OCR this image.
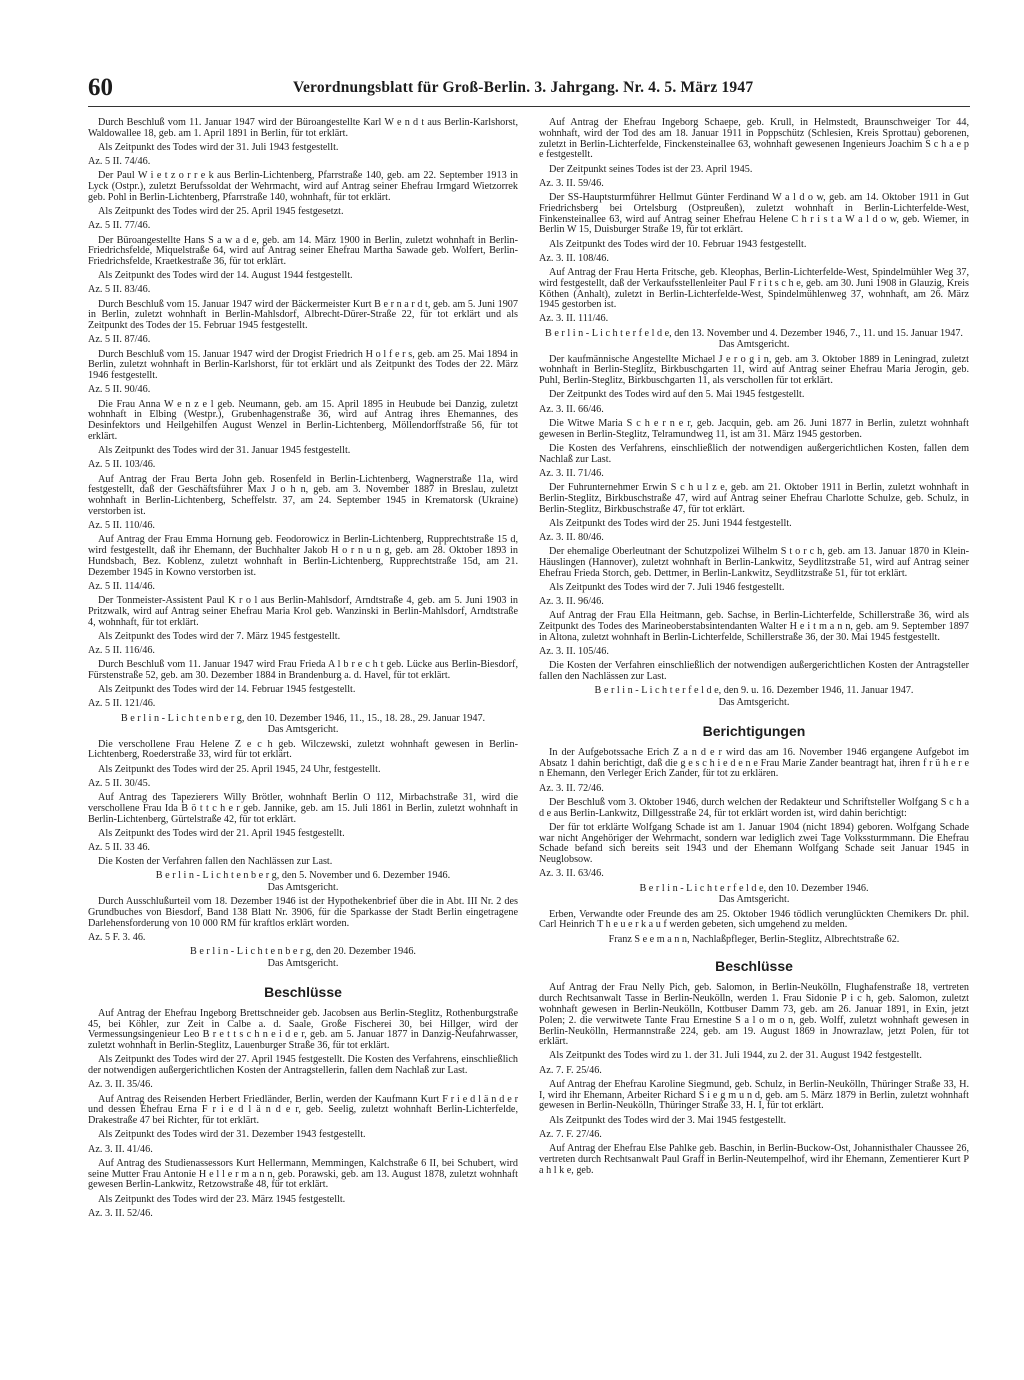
60	Verordnungsblatt für Groß-Berlin. 3. Jahrgang. Nr. 4. 5. März 1947

Durch Beschluß vom 11. Januar 1947 wird der Büroangestellte Karl W e n d t aus Berlin-Karlshorst, Waldowallee 18, geb. am 1. April 1891 in Berlin, für tot erklärt.

Als Zeitpunkt des Todes wird der 31. Juli 1943 festgestellt.

Az. 5 II. 74/46.

Der Paul W i e t z o r r e k aus Berlin-Lichtenberg, Pfarrstraße 140, geb. am 22. September 1913 in Lyck (Ostpr.), zuletzt Berufssoldat der Wehrmacht, wird auf Antrag seiner Ehefrau Irmgard Wietzorrek geb. Pohl in Berlin-Lichtenberg, Pfarrstraße 140, wohnhaft, für tot erklärt.

Als Zeitpunkt des Todes wird der 25. April 1945 festgesetzt.

Az. 5 II. 77/46.

Der Büroangestellte Hans S a w a d e, geb. am 14. März 1900 in Berlin, zuletzt wohnhaft in Berlin-Friedrichsfelde, Miquelstraße 64, wird auf Antrag seiner Ehefrau Martha Sawade geb. Wolfert, Berlin-Friedrichsfelde, Kraetkestraße 36, für tot erklärt.

Als Zeitpunkt des Todes wird der 14. August 1944 festgestellt.

Az. 5 II. 83/46.

Durch Beschluß vom 15. Januar 1947 wird der Bäckermeister Kurt B e r n a r d t, geb. am 5. Juni 1907 in Berlin, zuletzt wohnhaft in Berlin-Mahlsdorf, Albrecht-Dürer-Straße 22, für tot erklärt und als Zeitpunkt des Todes der 15. Februar 1945 festgestellt.

Az. 5 II. 87/46.

Durch Beschluß vom 15. Januar 1947 wird der Drogist Friedrich H o l f e r s, geb. am 25. Mai 1894 in Berlin, zuletzt wohnhaft in Berlin-Karlshorst, für tot erklärt und als Zeitpunkt des Todes der 22. März 1946 festgestellt.

Az. 5 II. 90/46.

Die Frau Anna W e n z e l geb. Neumann, geb. am 15. April 1895 in Heubude bei Danzig, zuletzt wohnhaft in Elbing (Westpr.), Grubenhagenstraße 36, wird auf Antrag ihres Ehemannes, des Desinfektors und Heilgehilfen August Wenzel in Berlin-Lichtenberg, Möllendorffstraße 56, für tot erklärt.

Als Zeitpunkt des Todes wird der 31. Januar 1945 festgestellt.

Az. 5 II. 103/46.

Auf Antrag der Frau Berta John geb. Rosenfeld in Berlin-Lichtenberg, Wagnerstraße 11a, wird festgestellt, daß der Geschäftsführer Max J o h n, geb. am 3. November 1887 in Breslau, zuletzt wohnhaft in Berlin-Lichtenberg, Scheffelstr. 37, am 24. September 1945 in Krematorsk (Ukraine) verstorben ist.

Az. 5 II. 110/46.

Auf Antrag der Frau Emma Hornung geb. Feodorowicz in Berlin-Lichtenberg, Rupprechtstraße 15 d, wird festgestellt, daß ihr Ehemann, der Buchhalter Jakob H o r n u n g, geb. am 28. Oktober 1893 in Hundsbach, Bez. Koblenz, zuletzt wohnhaft in Berlin-Lichtenberg, Rupprechtstraße 15d, am 21. Dezember 1945 in Kowno verstorben ist.

Az. 5 II. 114/46.

Der Tonmeister-Assistent Paul K r o l aus Berlin-Mahlsdorf, Arndtstraße 4, geb. am 5. Juni 1903 in Pritzwalk, wird auf Antrag seiner Ehefrau Maria Krol geb. Wanzinski in Berlin-Mahlsdorf, Arndtstraße 4, wohnhaft, für tot erklärt.

Als Zeitpunkt des Todes wird der 7. März 1945 festgestellt.

Az. 5 II. 116/46.

Durch Beschluß vom 11. Januar 1947 wird Frau Frieda A l b r e c h t geb. Lücke aus Berlin-Biesdorf, Fürstenstraße 52, geb. am 30. Dezember 1884 in Brandenburg a. d. Havel, für tot erklärt.

Als Zeitpunkt des Todes wird der 14. Februar 1945 festgestellt.

Az. 5 II. 121/46.

B e r l i n - L i c h t e n b e r g, den 10. Dezember 1946, 11., 15., 18. 28., 29. Januar 1947.

Das Amtsgericht.

Die verschollene Frau Helene Z e c h geb. Wilczewski, zuletzt wohnhaft gewesen in Berlin-Lichtenberg, Roederstraße 33, wird für tot erklärt.

Als Zeitpunkt des Todes wird der 25. April 1945, 24 Uhr, festgestellt.

Az. 5 II. 30/45.

Auf Antrag des Tapezierers Willy Brötler, wohnhaft Berlin O 112, Mirbachstraße 31, wird die verschollene Frau Ida B ö t t c h e r geb. Jannike, geb. am 15. Juli 1861 in Berlin, zuletzt wohnhaft in Berlin-Lichtenberg, Gürtelstraße 42, für tot erklärt.

Als Zeitpunkt des Todes wird der 21. April 1945 festgestellt.

Az. 5 II. 33 46.

Die Kosten der Verfahren fallen den Nachlässen zur Last.

B e r l i n - L i c h t e n b e r g, den 5. November und 6. Dezember 1946.

Das Amtsgericht.

Durch Ausschlußurteil vom 18. Dezember 1946 ist der Hypothekenbrief über die in Abt. III Nr. 2 des Grundbuches von Biesdorf, Band 138 Blatt Nr. 3906, für die Sparkasse der Stadt Berlin eingetragene Darlehensforderung von 10 000 RM für kraftlos erklärt worden.

Az. 5 F. 3. 46.

B e r l i n - L i c h t e n b e r g, den 20. Dezember 1946.

Das Amtsgericht.

Beschlüsse

Auf Antrag der Ehefrau Ingeborg Brettschneider geb. Jacobsen aus Berlin-Steglitz, Rothenburgstraße 45, bei Köhler, zur Zeit in Calbe a. d. Saale, Große Fischerei 30, bei Hillger, wird der Vermessungsingenieur Leo B r e t t s c h n e i d e r, geb. am 5. Januar 1877 in Danzig-Neufahrwasser, zuletzt wohnhaft in Berlin-Steglitz, Lauenburger Straße 36, für tot erklärt.

Als Zeitpunkt des Todes wird der 27. April 1945 festgestellt. Die Kosten des Verfahrens, einschließlich der notwendigen außergerichtlichen Kosten der Antragstellerin, fallen dem Nachlaß zur Last.

Az. 3. II. 35/46.

Auf Antrag des Reisenden Herbert Friedländer, Berlin, werden der Kaufmann Kurt F r i e d l ä n d e r und dessen Ehefrau Erna F r i e d l ä n d e r, geb. Seelig, zuletzt wohnhaft Berlin-Lichterfelde, Drakestraße 47 bei Richter, für tot erklärt.

Als Zeitpunkt des Todes wird der 31. Dezember 1943 festgestellt.

Az. 3. II. 41/46.

Auf Antrag des Studienassessors Kurt Hellermann, Memmingen, Kalchstraße 6 II, bei Schubert, wird seine Mutter Frau Antonie H e l l e r m a n n, geb. Porawski, geb. am 13. August 1878, zuletzt wohnhaft gewesen Berlin-Lankwitz, Retzowstraße 48, für tot erklärt.

Als Zeitpunkt des Todes wird der 23. März 1945 festgestellt.

Az. 3. II. 52/46.

Auf Antrag der Ehefrau Ingeborg Schaepe, geb. Krull, in Helmstedt, Braunschweiger Tor 44, wohnhaft, wird der Tod des am 18. Januar 1911 in Poppschütz (Schlesien, Kreis Sprottau) geborenen, zuletzt in Berlin-Lichterfelde, Finckensteinallee 63, wohnhaft gewesenen Ingenieurs Joachim S c h a e p e festgestellt.

Der Zeitpunkt seines Todes ist der 23. April 1945.

Az. 3. II. 59/46.

Der SS-Hauptsturmführer Hellmut Günter Ferdinand W a l d o w, geb. am 14. Oktober 1911 in Gut Friedrichsberg bei Ortelsburg (Ostpreußen), zuletzt wohnhaft in Berlin-Lichterfelde-West, Finkensteinallee 63, wird auf Antrag seiner Ehefrau Helene C h r i s t a W a l d o w, geb. Wiemer, in Berlin W 15, Duisburger Straße 19, für tot erklärt.

Als Zeitpunkt des Todes wird der 10. Februar 1943 festgestellt.

Az. 3. II. 108/46.

Auf Antrag der Frau Herta Fritsche, geb. Kleophas, Berlin-Lichterfelde-West, Spindelmühler Weg 37, wird festgestellt, daß der Verkaufsstellenleiter Paul F r i t s c h e, geb. am 30. Juni 1908 in Glauzig, Kreis Köthen (Anhalt), zuletzt in Berlin-Lichterfelde-West, Spindelmühlenweg 37, wohnhaft, am 26. März 1945 gestorben ist.

Az. 3. II. 111/46.

B e r l i n - L i c h t e r f e l d e, den 13. November und 4. Dezember 1946, 7., 11. und 15. Januar 1947.

Das Amtsgericht.

Der kaufmännische Angestellte Michael J e r o g i n, geb. am 3. Oktober 1889 in Leningrad, zuletzt wohnhaft in Berlin-Steglitz, Birkbuschgarten 11, wird auf Antrag seiner Ehefrau Maria Jerogin, geb. Puhl, Berlin-Steglitz, Birkbuschgarten 11, als verschollen für tot erklärt.

Der Zeitpunkt des Todes wird auf den 5. Mai 1945 festgestellt.

Az. 3. II. 66/46.

Die Witwe Maria S c h e r n e r, geb. Jacquin, geb. am 26. Juni 1877 in Berlin, zuletzt wohnhaft gewesen in Berlin-Steglitz, Telramundweg 11, ist am 31. März 1945 gestorben.

Die Kosten des Verfahrens, einschließlich der notwendigen außergerichtlichen Kosten, fallen dem Nachlaß zur Last.

Az. 3. II. 71/46.

Der Fuhrunternehmer Erwin S c h u l z e, geb. am 21. Oktober 1911 in Berlin, zuletzt wohnhaft in Berlin-Steglitz, Birkbuschstraße 47, wird auf Antrag seiner Ehefrau Charlotte Schulze, geb. Schulz, in Berlin-Steglitz, Birkbuschstraße 47, für tot erklärt.

Als Zeitpunkt des Todes wird der 25. Juni 1944 festgestellt.

Az. 3. II. 80/46.

Der ehemalige Oberleutnant der Schutzpolizei Wilhelm S t o r c h, geb. am 13. Januar 1870 in Klein-Häuslingen (Hannover), zuletzt wohnhaft in Berlin-Lankwitz, Seydlitzstraße 51, wird auf Antrag seiner Ehefrau Frieda Storch, geb. Dettmer, in Berlin-Lankwitz, Seydlitzstraße 51, für tot erklärt.

Als Zeitpunkt des Todes wird der 7. Juli 1946 festgestellt.

Az. 3. II. 96/46.

Auf Antrag der Frau Ella Heitmann, geb. Sachse, in Berlin-Lichterfelde, Schillerstraße 36, wird als Zeitpunkt des Todes des Marineoberstabsintendanten Walter H e i t m a n n, geb. am 9. September 1897 in Altona, zuletzt wohnhaft in Berlin-Lichterfelde, Schillerstraße 36, der 30. Mai 1945 festgestellt.

Az. 3. II. 105/46.

Die Kosten der Verfahren einschließlich der notwendigen außergerichtlichen Kosten der Antragsteller fallen den Nachlässen zur Last.

B e r l i n - L i c h t e r f e l d e, den 9. u. 16. Dezember 1946, 11. Januar 1947.

Das Amtsgericht.

Berichtigungen

In der Aufgebotssache Erich Z a n d e r wird das am 16. November 1946 ergangene Aufgebot im Absatz 1 dahin berichtigt, daß die g e s c h i e d e n e Frau Marie Zander beantragt hat, ihren f r ü h e r e n Ehemann, den Verleger Erich Zander, für tot zu erklären.

Az. 3. II. 72/46.

Der Beschluß vom 3. Oktober 1946, durch welchen der Redakteur und Schriftsteller Wolfgang S c h a d e aus Berlin-Lankwitz, Dillgesstraße 24, für tot erklärt worden ist, wird dahin berichtigt:

Der für tot erklärte Wolfgang Schade ist am 1. Januar 1904 (nicht 1894) geboren. Wolfgang Schade war nicht Angehöriger der Wehrmacht, sondern war lediglich zwei Tage Volkssturmmann. Die Ehefrau Schade befand sich bereits seit 1943 und der Ehemann Wolfgang Schade seit Januar 1945 in Neuglobsow.

Az. 3. II. 63/46.

B e r l i n - L i c h t e r f e l d e, den 10. Dezember 1946.

Das Amtsgericht.

Erben, Verwandte oder Freunde des am 25. Oktober 1946 tödlich verunglückten Chemikers Dr. phil. Carl Heinrich T h e u e r k a u f werden gebeten, sich umgehend zu melden.

Franz S e e m a n n, Nachlaßpfleger, Berlin-Steglitz, Albrechtstraße 62.

Beschlüsse

Auf Antrag der Frau Nelly Pich, geb. Salomon, in Berlin-Neukölln, Flughafenstraße 18, vertreten durch Rechtsanwalt Tasse in Berlin-Neukölln, werden 1. Frau Sidonie P i c h, geb. Salomon, zuletzt wohnhaft gewesen in Berlin-Neukölln, Kottbuser Damm 73, geb. am 26. Januar 1891, in Exin, jetzt Polen; 2. die verwitwete Tante Frau Ernestine S a l o m o n, geb. Wolff, zuletzt wohnhaft gewesen in Berlin-Neukölln, Hermannstraße 224, geb. am 19. August 1869 in Jnowrazlaw, jetzt Polen, für tot erklärt.

Als Zeitpunkt des Todes wird zu 1. der 31. Juli 1944, zu 2. der 31. August 1942 festgestellt.

Az. 7. F. 25/46.

Auf Antrag der Ehefrau Karoline Siegmund, geb. Schulz, in Berlin-Neukölln, Thüringer Straße 33, H. I, wird ihr Ehemann, Arbeiter Richard S i e g m u n d, geb. am 5. März 1879 in Berlin, zuletzt wohnhaft gewesen in Berlin-Neukölln, Thüringer Straße 33, H. I, für tot erklärt.

Als Zeitpunkt des Todes wird der 3. Mai 1945 festgestellt.

Az. 7. F. 27/46.

Auf Antrag der Ehefrau Else Pahlke geb. Baschin, in Berlin-Buckow-Ost, Johannisthaler Chaussee 26, vertreten durch Rechtsanwalt Paul Graff in Berlin-Neutempelhof, wird ihr Ehemann, Zementierer Kurt P a h l k e, geb.
